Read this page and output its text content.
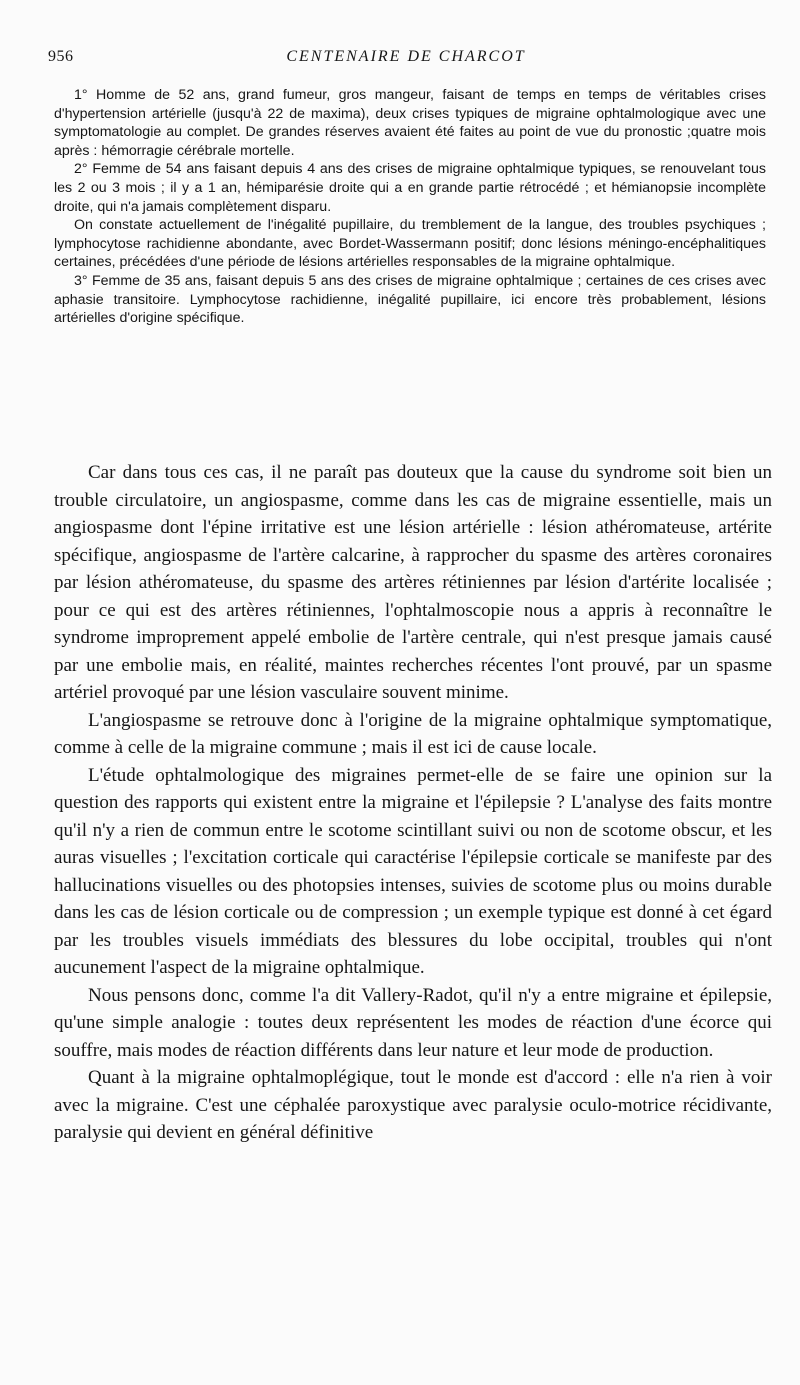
956	CENTENAIRE DE CHARCOT

1° Homme de 52 ans, grand fumeur, gros mangeur, faisant de temps en temps de véritables crises d'hypertension artérielle (jusqu'à 22 de maxima), deux crises typiques de migraine ophtalmologique avec une symptomatologie au complet. De grandes réserves avaient été faites au point de vue du pronostic ;quatre mois après : hémorragie cérébrale mortelle.

2° Femme de 54 ans faisant depuis 4 ans des crises de migraine ophtalmique typiques, se renouvelant tous les 2 ou 3 mois ; il y a 1 an, hémiparésie droite qui a en grande partie rétrocédé ; et hémianopsie incomplète droite, qui n'a jamais complètement disparu.

On constate actuellement de l'inégalité pupillaire, du tremblement de la langue, des troubles psychiques ; lymphocytose rachidienne abondante, avec Bordet-Wassermann positif; donc lésions méningo-encéphalitiques certaines, précédées d'une période de lésions artérielles responsables de la migraine ophtalmique.

3° Femme de 35 ans, faisant depuis 5 ans des crises de migraine ophtalmique ; certaines de ces crises avec aphasie transitoire. Lymphocytose rachidienne, inégalité pupillaire, ici encore très probablement, lésions artérielles d'origine spécifique.

Car dans tous ces cas, il ne paraît pas douteux que la cause du syndrome soit bien un trouble circulatoire, un angiospasme, comme dans les cas de migraine essentielle, mais un angiospasme dont l'épine irritative est une lésion artérielle : lésion athéromateuse, artérite spécifique, angiospasme de l'artère calcarine, à rapprocher du spasme des artères coronaires par lésion athéromateuse, du spasme des artères rétiniennes par lésion d'artérite localisée ; pour ce qui est des artères rétiniennes, l'ophtalmoscopie nous a appris à reconnaître le syndrome improprement appelé embolie de l'artère centrale, qui n'est presque jamais causé par une embolie mais, en réalité, maintes recherches récentes l'ont prouvé, par un spasme artériel provoqué par une lésion vasculaire souvent minime.

L'angiospasme se retrouve donc à l'origine de la migraine ophtalmique symptomatique, comme à celle de la migraine commune ; mais il est ici de cause locale.

L'étude ophtalmologique des migraines permet-elle de se faire une opinion sur la question des rapports qui existent entre la migraine et l'épilepsie ? L'analyse des faits montre qu'il n'y a rien de commun entre le scotome scintillant suivi ou non de scotome obscur, et les auras visuelles ; l'excitation corticale qui caractérise l'épilepsie corticale se manifeste par des hallucinations visuelles ou des photopsies intenses, suivies de scotome plus ou moins durable dans les cas de lésion corticale ou de compression ; un exemple typique est donné à cet égard par les troubles visuels immédiats des blessures du lobe occipital, troubles qui n'ont aucunement l'aspect de la migraine ophtalmique.

Nous pensons donc, comme l'a dit Vallery-Radot, qu'il n'y a entre migraine et épilepsie, qu'une simple analogie : toutes deux représentent les modes de réaction d'une écorce qui souffre, mais modes de réaction différents dans leur nature et leur mode de production.

Quant à la migraine ophtalmoplégique, tout le monde est d'accord : elle n'a rien à voir avec la migraine. C'est une céphalée paroxystique avec paralysie oculo-motrice récidivante, paralysie qui devient en général définitive
